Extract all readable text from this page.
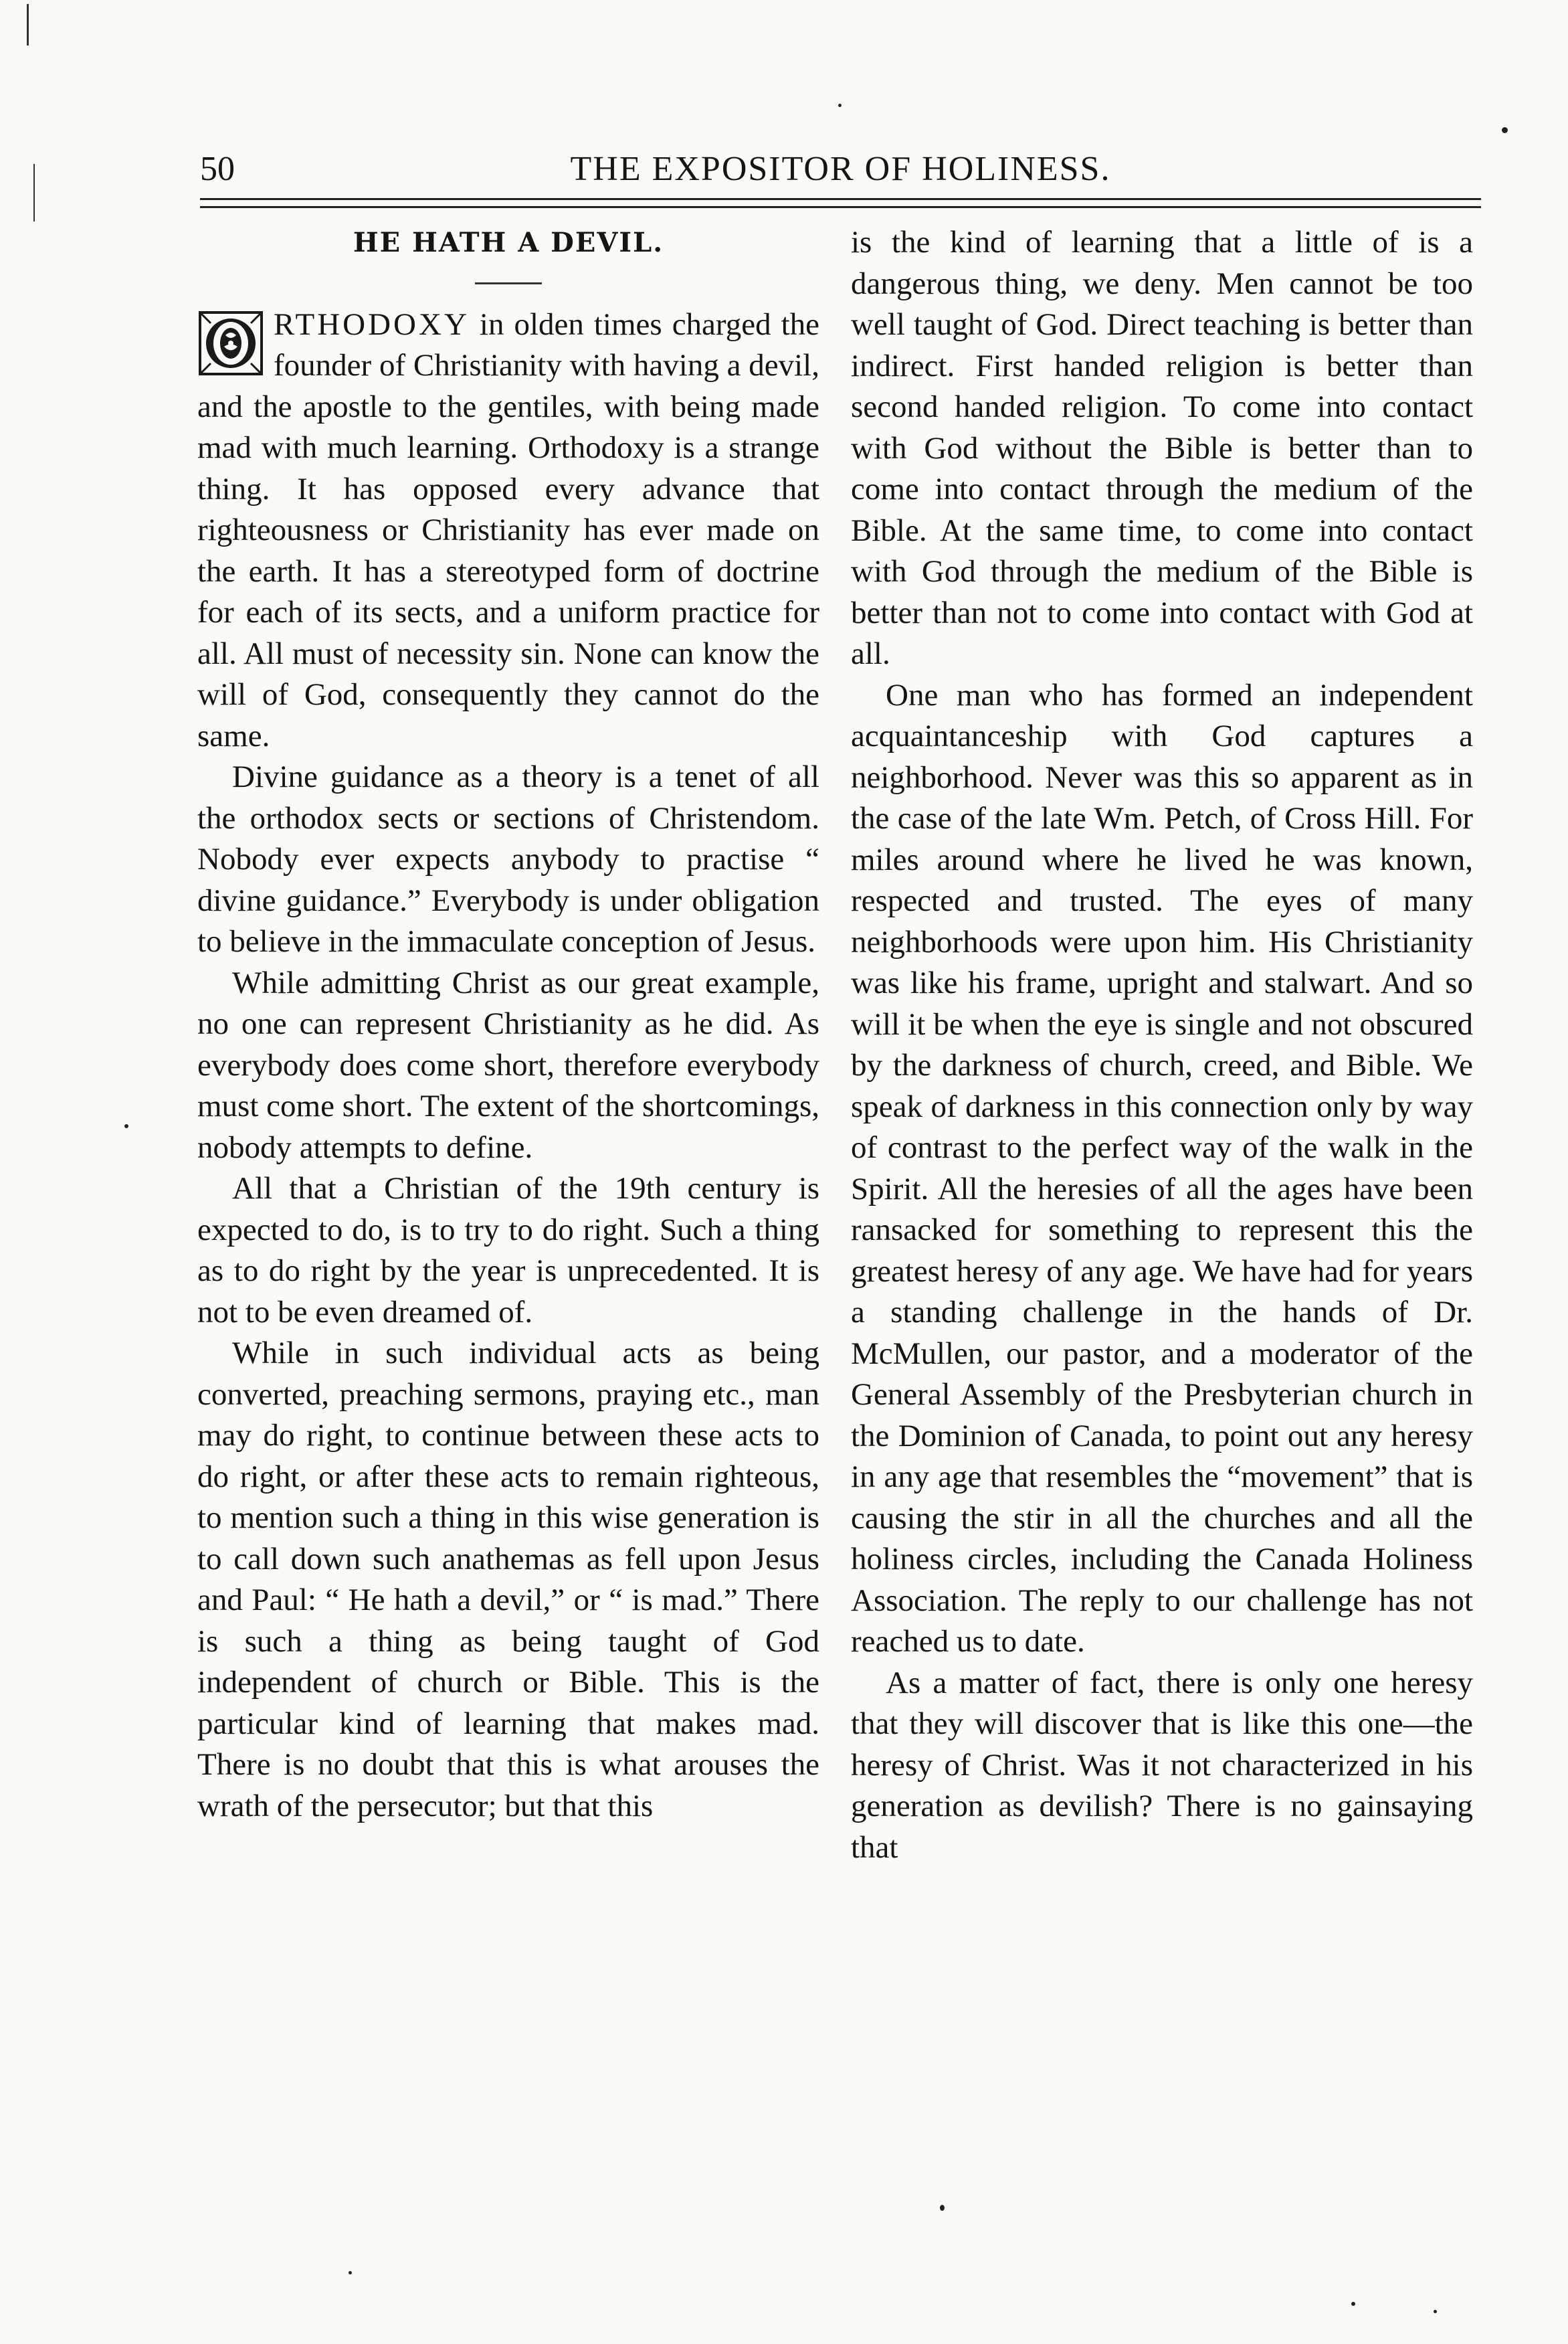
50	THE EXPOSITOR OF HOLINESS.
HE HATH A DEVIL.

RTHODOXY in olden times charged the founder of Christianity with having a devil, and the apostle to the gentiles, with being made mad with much learning. Orthodoxy is a strange thing. It has opposed every advance that righteousness or Christianity has ever made on the earth. It has a stereotyped form of doctrine for each of its sects, and a uniform practice for all. All must of necessity sin. None can know the will of God, consequently they cannot do the same.

Divine guidance as a theory is a tenet of all the orthodox sects or sections of Christendom. Nobody ever expects anybody to practise “ divine guidance.” Everybody is under obligation to believe in the immaculate conception of Jesus.

While admitting Christ as our great example, no one can represent Christianity as he did. As everybody does come short, therefore everybody must come short. The extent of the shortcomings, nobody attempts to define.

All that a Christian of the 19th century is expected to do, is to try to do right. Such a thing as to do right by the year is unprecedented. It is not to be even dreamed of.

While in such individual acts as being converted, preaching sermons, praying etc., man may do right, to continue between these acts to do right, or after these acts to remain righteous, to mention such a thing in this wise generation is to call down such anathemas as fell upon Jesus and Paul: “ He hath a devil,” or “ is mad.” There is such a thing as being taught of God independent of church or Bible. This is the particular kind of learning that makes mad. There is no doubt that this is what arouses the wrath of the persecutor; but that this

is the kind of learning that a little of is a dangerous thing, we deny. Men cannot be too well taught of God. Direct teaching is better than indirect. First handed religion is better than second handed religion. To come into contact with God without the Bible is better than to come into contact through the medium of the Bible. At the same time, to come into contact with God through the medium of the Bible is better than not to come into contact with God at all.

One man who has formed an independent acquaintanceship with God captures a neighborhood. Never was this so apparent as in the case of the late Wm. Petch, of Cross Hill. For miles around where he lived he was known, respected and trusted. The eyes of many neighborhoods were upon him. His Christianity was like his frame, upright and stalwart. And so will it be when the eye is single and not obscured by the darkness of church, creed, and Bible. We speak of darkness in this connection only by way of contrast to the perfect way of the walk in the Spirit. All the heresies of all the ages have been ransacked for something to represent this the greatest heresy of any age. We have had for years a standing challenge in the hands of Dr. McMullen, our pastor, and a moderator of the General Assembly of the Presbyterian church in the Dominion of Canada, to point out any heresy in any age that resembles the “movement” that is causing the stir in all the churches and all the holiness circles, including the Canada Holiness Association. The reply to our challenge has not reached us to date.

As a matter of fact, there is only one heresy that they will discover that is like this one—the heresy of Christ. Was it not characterized in his generation as devilish? There is no gainsaying that
